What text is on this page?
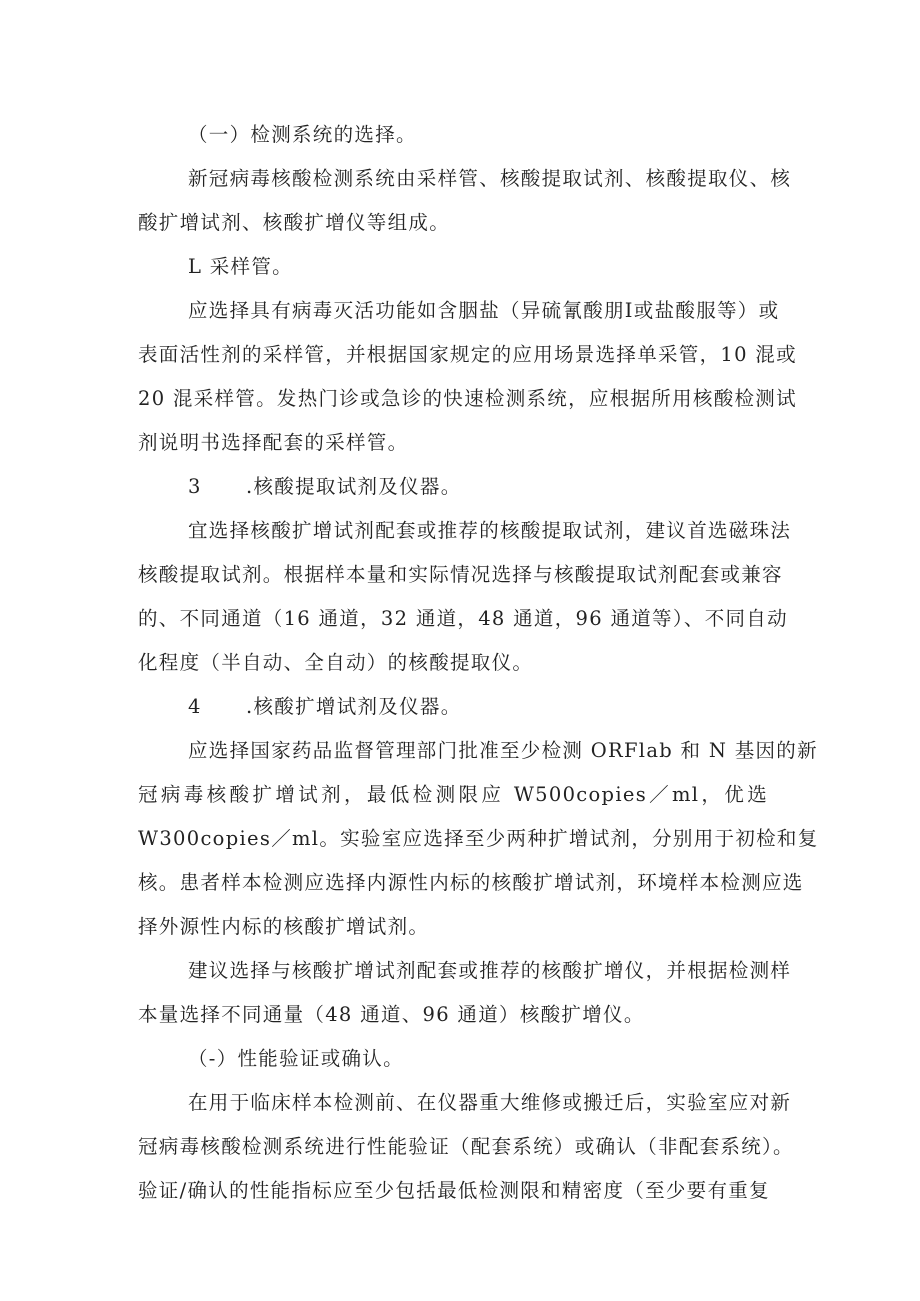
（一）检测系统的选择。

新冠病毒核酸检测系统由采样管、核酸提取试剂、核酸提取仪、核

酸扩增试剂、核酸扩增仪等组成。

L 采样管。

应选择具有病毒灭活功能如含胭盐（异硫氰酸朋Ⅰ或盐酸服等）或

表面活性剂的采样管，并根据国家规定的应用场景选择单采管，10 混或

20 混采样管。发热门诊或急诊的快速检测系统，应根据所用核酸检测试

剂说明书选择配套的采样管。

3 .核酸提取试剂及仪器。

宜选择核酸扩增试剂配套或推荐的核酸提取试剂，建议首选磁珠法

核酸提取试剂。根据样本量和实际情况选择与核酸提取试剂配套或兼容

的、不同通道（16 通道，32 通道，48 通道，96 通道等）、不同自动

化程度（半自动、全自动）的核酸提取仪。

4 .核酸扩增试剂及仪器。

应选择国家药品监督管理部门批准至少检测 ORFlab 和 N 基因的新

冠病毒核酸扩增试剂，最低检测限应 W500copies／ml，优选

W300copies／ml。实验室应选择至少两种扩增试剂，分别用于初检和复

核。患者样本检测应选择内源性内标的核酸扩增试剂，环境样本检测应选

择外源性内标的核酸扩增试剂。

建议选择与核酸扩增试剂配套或推荐的核酸扩增仪，并根据检测样

本量选择不同通量（48 通道、96 通道）核酸扩增仪。

（-）性能验证或确认。

在用于临床样本检测前、在仪器重大维修或搬迁后，实验室应对新

冠病毒核酸检测系统进行性能验证（配套系统）或确认（非配套系统）。

验证/确认的性能指标应至少包括最低检测限和精密度（至少要有重复
